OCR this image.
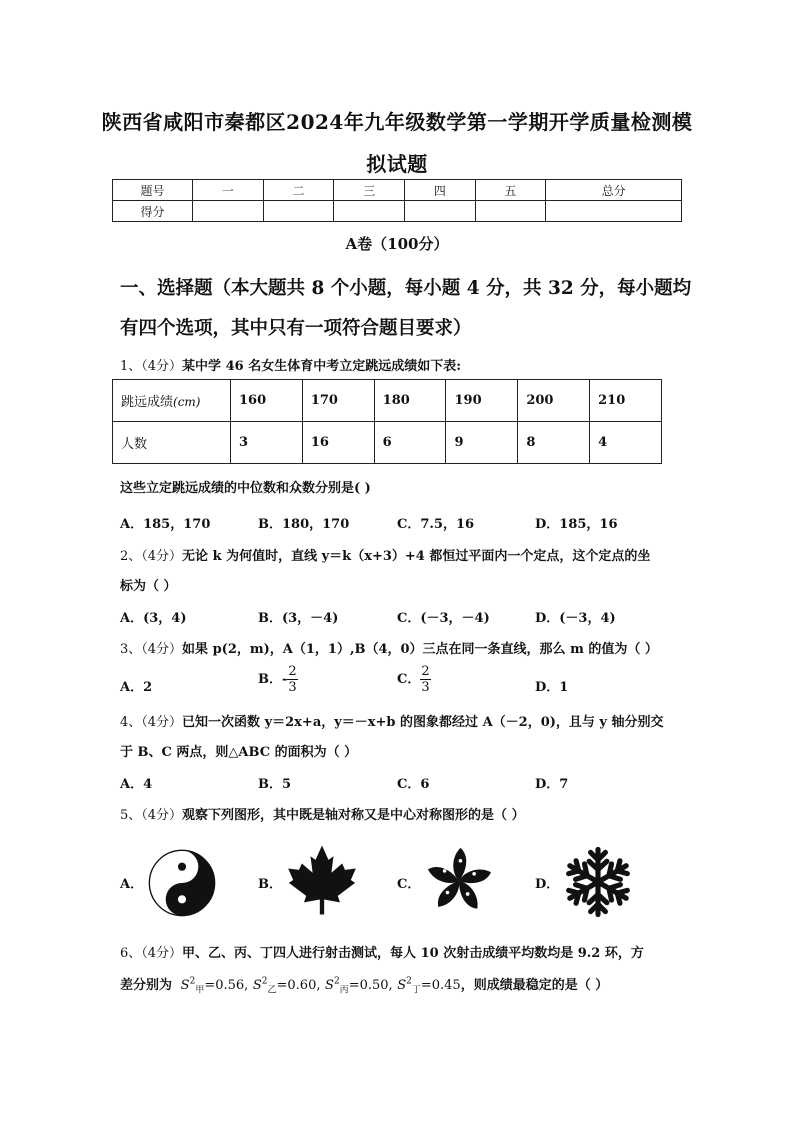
陕西省咸阳市秦都区2024年九年级数学第一学期开学质量检测模
拟试题
题号	一	二	三	四	五	总分
得分						
A卷（100分）
一、选择题（本大题共 8 个小题，每小题 4 分，共 32 分，每小题均
有四个选项，其中只有一项符合题目要求）
1、（4分）某中学 46 名女生体育中考立定跳远成绩如下表:
跳远成绩(cm)	160	170	180	190	200	210
人数	3	16	6	9	8	4
这些立定跳远成绩的中位数和众数分别是( )
A．185，170	B．180，170	C．7.5，16	D．185，16
2、（4分）无论 k 为何值时，直线 y＝k（x+3）+4 都恒过平面内一个定点，这个定点的坐
标为（ ）
A．(3，4)	B．(3，－4)	C．(－3，－4)	D．(－3，4)
3、（4分）如果 p(2，m)，A（1，1）,B（4，0）三点在同一条直线，那么 m 的值为（ ）
A．2
B．- $\frac{2}{3}$	C． $\frac{2}{3}$	D．1
4、（4分）已知一次函数 y＝2x+a，y＝－x+b 的图象都经过 A（－2，0)，且与 y 轴分别交
于 B、C 两点，则△ABC 的面积为（ ）
A．4	B．5	C．6	D．7
5、（4分）观察下列图形，其中既是轴对称又是中心对称图形的是（ ）
A．	B．	C．	D．
6、（4分）甲、乙、丙、丁四人进行射击测试，每人 10 次射击成绩平均数均是 9.2 环，方
差分别为  $S^2_甲=0.56$, $S^2_乙=0.60$, $S^2_丙=0.50$, $S^2_丁=0.45$，则成绩最稳定的是（ ）
